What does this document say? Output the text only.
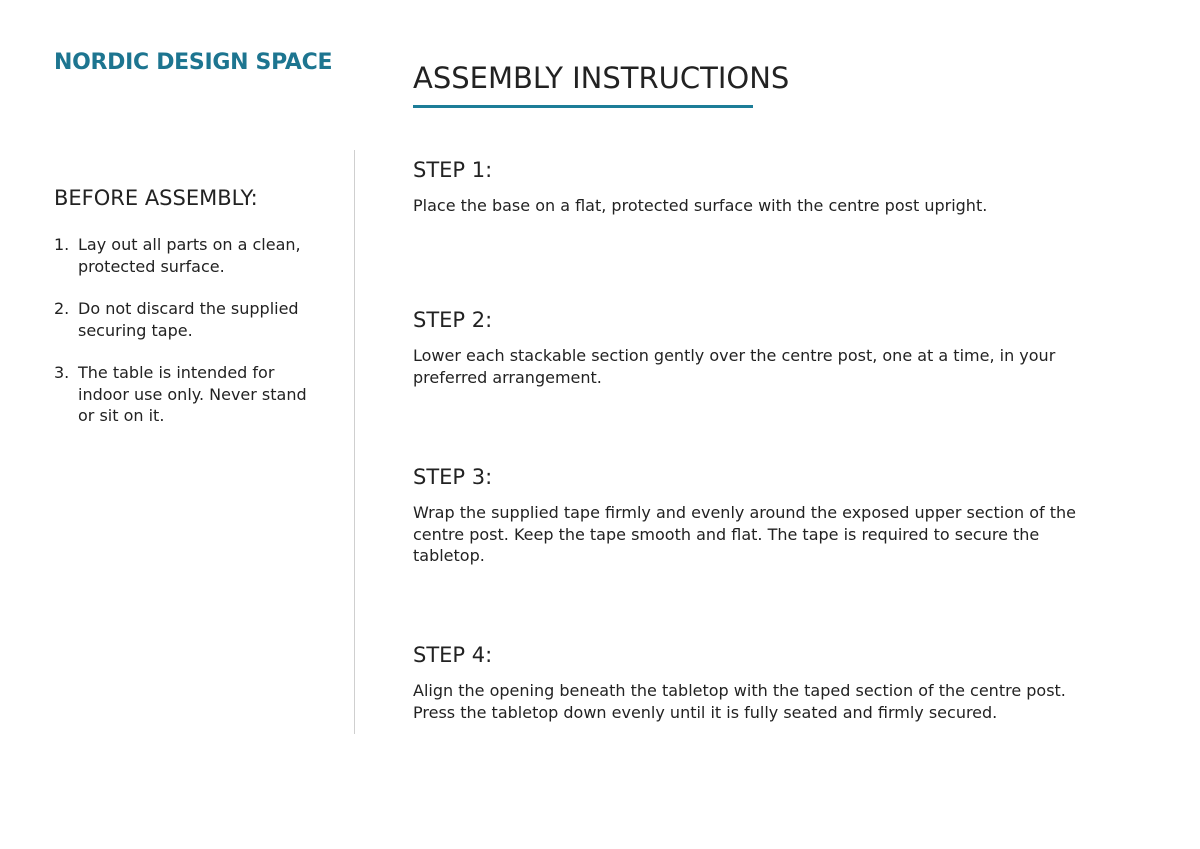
NORDIC DESIGN SPACE	ASSEMBLY INSTRUCTIONS
BEFORE ASSEMBLY:
1. Lay out all parts on a clean, protected surface.
2. Do not discard the supplied securing tape.
3. The table is intended for indoor use only. Never stand or sit on it.
STEP 1:

Place the base on a flat, protected surface with the centre post upright.

STEP 2:

Lower each stackable section gently over the centre post, one at a time, in your preferred arrangement.

STEP 3:

Wrap the supplied tape firmly and evenly around the exposed upper section of the centre post. Keep the tape smooth and flat. The tape is required to secure the tabletop.

STEP 4:

Align the opening beneath the tabletop with the taped section of the centre post. Press the tabletop down evenly until it is fully seated and firmly secured.
